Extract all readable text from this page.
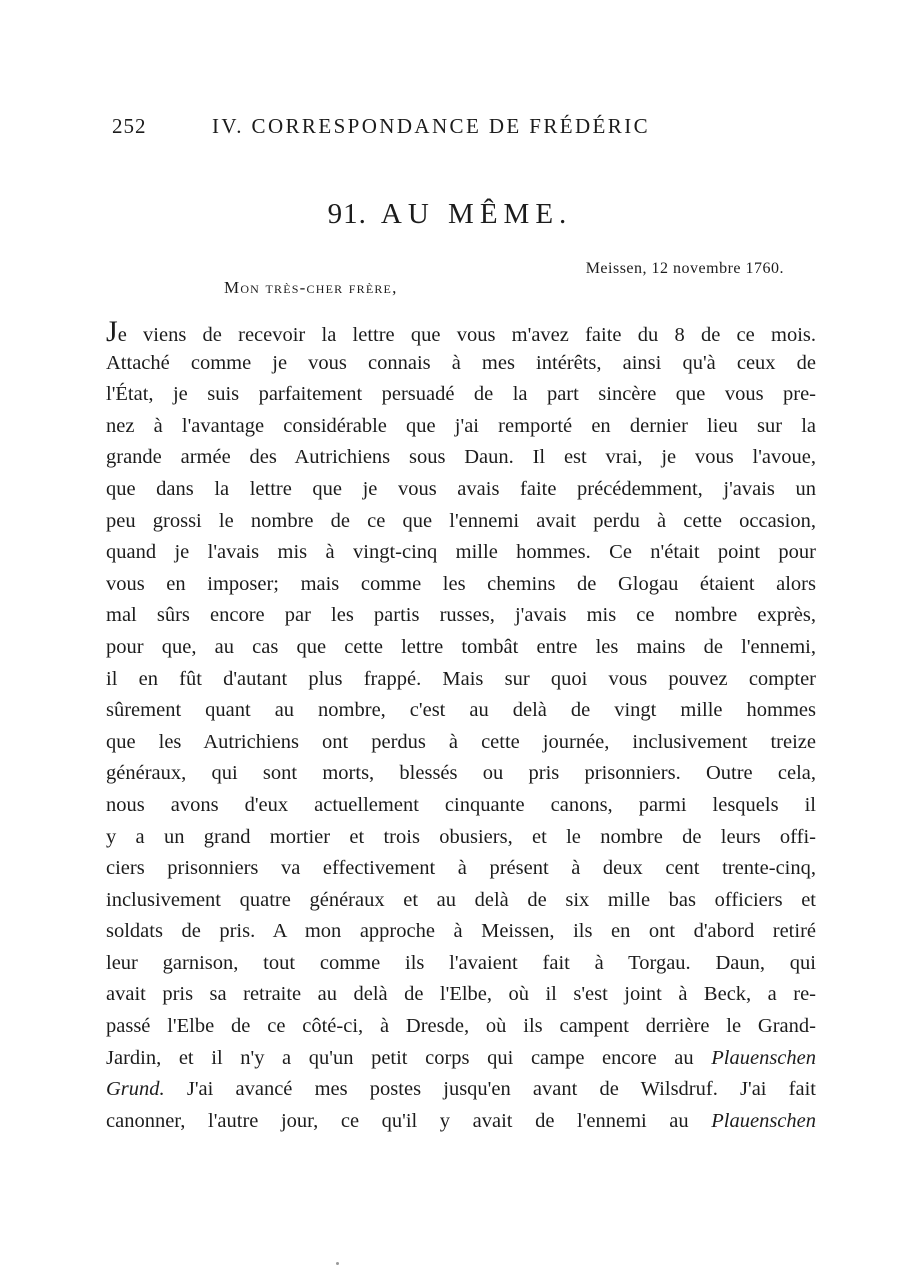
252	IV. CORRESPONDANCE DE FRÉDÉRIC
91. AU MÊME.
Meissen, 12 novembre 1760.
Mon très-cher frère,
Je viens de recevoir la lettre que vous m'avez faite du 8 de ce mois.
Attaché comme je vous connais à mes intérêts, ainsi qu'à ceux de
l'État, je suis parfaitement persuadé de la part sincère que vous pre-
nez à l'avantage considérable que j'ai remporté en dernier lieu sur la
grande armée des Autrichiens sous Daun. Il est vrai, je vous l'avoue,
que dans la lettre que je vous avais faite précédemment, j'avais un
peu grossi le nombre de ce que l'ennemi avait perdu à cette occasion,
quand je l'avais mis à vingt-cinq mille hommes. Ce n'était point pour
vous en imposer; mais comme les chemins de Glogau étaient alors
mal sûrs encore par les partis russes, j'avais mis ce nombre exprès,
pour que, au cas que cette lettre tombât entre les mains de l'ennemi,
il en fût d'autant plus frappé. Mais sur quoi vous pouvez compter
sûrement quant au nombre, c'est au delà de vingt mille hommes
que les Autrichiens ont perdus à cette journée, inclusivement treize
généraux, qui sont morts, blessés ou pris prisonniers. Outre cela,
nous avons d'eux actuellement cinquante canons, parmi lesquels il
y a un grand mortier et trois obusiers, et le nombre de leurs offi-
ciers prisonniers va effectivement à présent à deux cent trente-cinq,
inclusivement quatre généraux et au delà de six mille bas officiers et
soldats de pris. A mon approche à Meissen, ils en ont d'abord retiré
leur garnison, tout comme ils l'avaient fait à Torgau. Daun, qui
avait pris sa retraite au delà de l'Elbe, où il s'est joint à Beck, a re-
passé l'Elbe de ce côté-ci, à Dresde, où ils campent derrière le Grand-
Jardin, et il n'y a qu'un petit corps qui campe encore au Plauenschen
Grund. J'ai avancé mes postes jusqu'en avant de Wilsdruf. J'ai fait
canonner, l'autre jour, ce qu'il y avait de l'ennemi au Plauenschen
